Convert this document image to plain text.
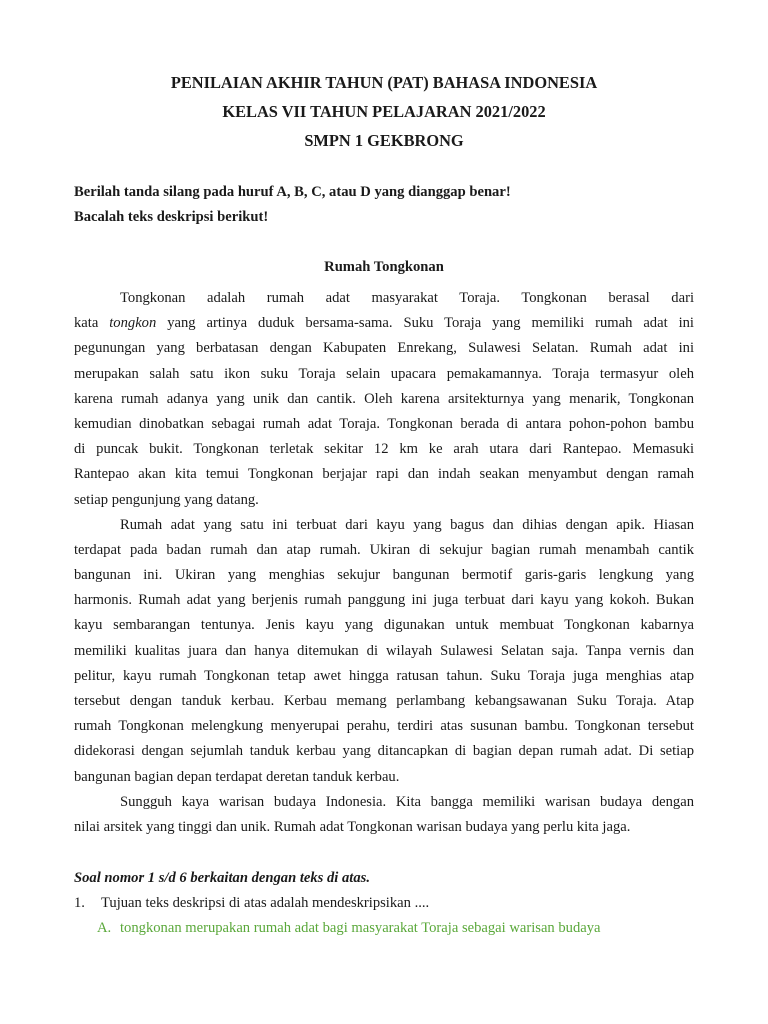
PENILAIAN AKHIR TAHUN (PAT) BAHASA INDONESIA
KELAS VII TAHUN PELAJARAN 2021/2022
SMPN 1 GEKBRONG
Berilah tanda silang pada huruf A, B, C, atau D yang dianggap benar!
Bacalah teks deskripsi berikut!
Rumah Tongkonan
Tongkonan adalah rumah adat masyarakat Toraja. Tongkonan berasal dari
kata tongkon yang artinya duduk bersama-sama. Suku Toraja yang memiliki rumah adat ini
pegunungan yang berbatasan dengan Kabupaten Enrekang, Sulawesi Selatan. Rumah adat ini
merupakan salah satu ikon suku Toraja selain upacara pemakamannya. Toraja termasyur oleh
karena rumah adanya yang unik dan cantik. Oleh karena arsitekturnya yang menarik, Tongkonan
kemudian dinobatkan sebagai rumah adat Toraja. Tongkonan berada di antara pohon-pohon bambu
di puncak bukit. Tongkonan terletak sekitar 12 km ke arah utara dari Rantepao. Memasuki
Rantepao akan kita temui Tongkonan berjajar rapi dan indah seakan menyambut dengan ramah
setiap pengunjung yang datang.
Rumah adat yang satu ini terbuat dari kayu yang bagus dan dihias dengan apik. Hiasan
terdapat pada badan rumah dan atap rumah. Ukiran di sekujur bagian rumah menambah cantik
bangunan ini. Ukiran yang menghias sekujur bangunan bermotif garis-garis lengkung yang
harmonis. Rumah adat yang berjenis rumah panggung ini juga terbuat dari kayu yang kokoh. Bukan
kayu sembarangan tentunya. Jenis kayu yang digunakan untuk membuat Tongkonan kabarnya
memiliki kualitas juara dan hanya ditemukan di wilayah Sulawesi Selatan saja. Tanpa vernis dan
pelitur, kayu rumah Tongkonan tetap awet hingga ratusan tahun. Suku Toraja juga menghias atap
tersebut dengan tanduk kerbau. Kerbau memang perlambang kebangsawanan Suku Toraja. Atap
rumah Tongkonan melengkung menyerupai perahu, terdiri atas susunan bambu. Tongkonan tersebut
didekorasi dengan sejumlah tanduk kerbau yang ditancapkan di bagian depan rumah adat. Di setiap
bangunan bagian depan terdapat deretan tanduk kerbau.
Sungguh kaya warisan budaya Indonesia. Kita bangga memiliki warisan budaya dengan
nilai arsitek yang tinggi dan unik. Rumah adat Tongkonan warisan budaya yang perlu kita jaga.
Soal nomor 1 s/d 6 berkaitan dengan teks di atas.
1.	Tujuan teks deskripsi di atas adalah mendeskripsikan ....
A. tongkonan merupakan rumah adat bagi masyarakat Toraja sebagai warisan budaya
